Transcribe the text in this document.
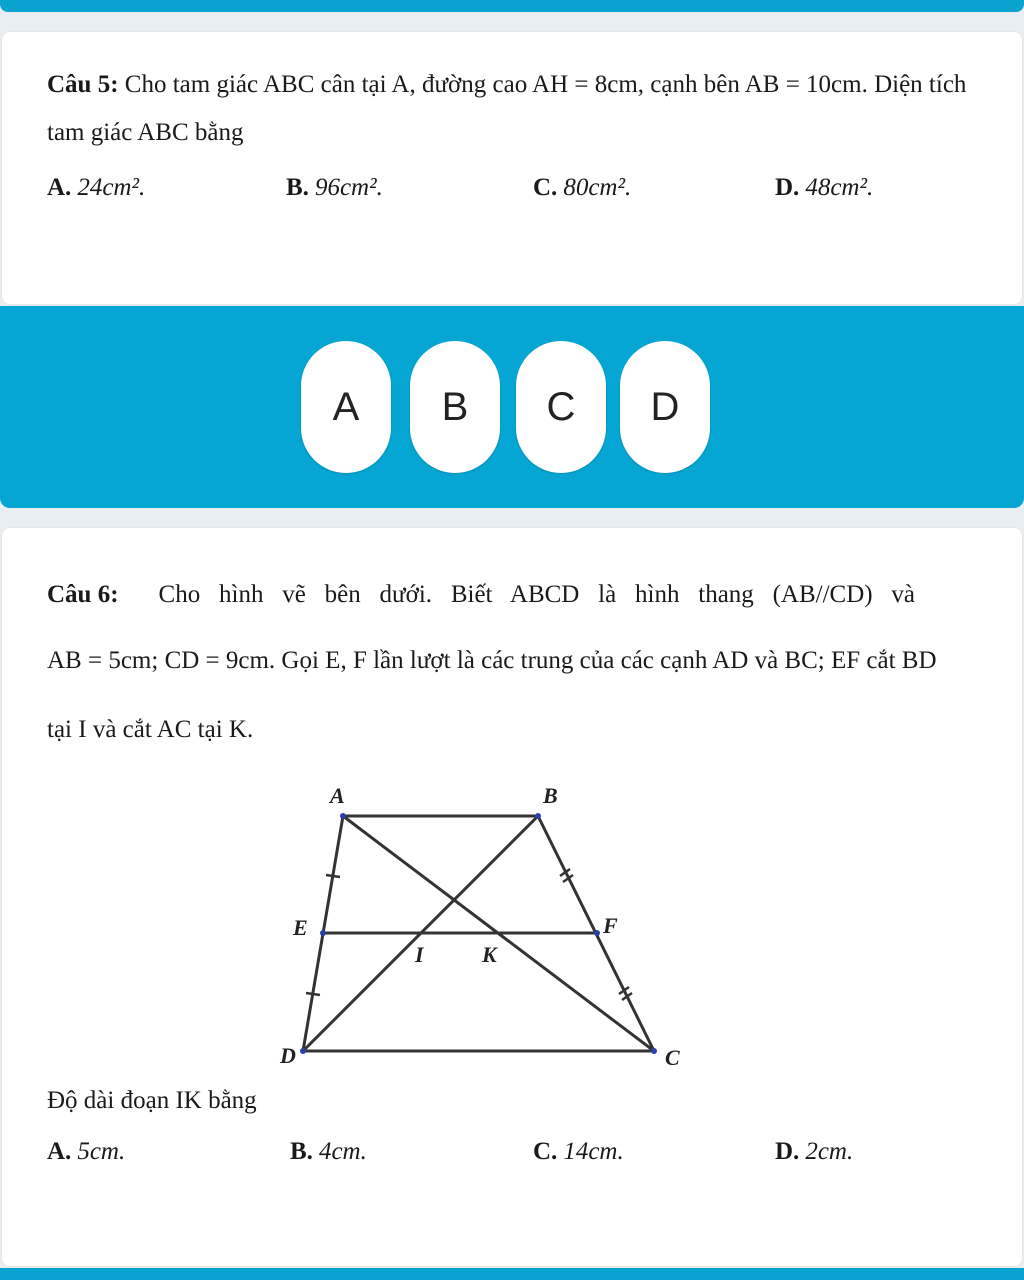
Câu 5: Cho tam giác ABC cân tại A, đường cao AH = 8cm, cạnh bên AB = 10cm. Diện tích
tam giác ABC bằng
A. 24cm².	B. 96cm².	C. 80cm².	D. 48cm².
A	B	C	D
Câu 6: Cho hình vẽ bên dưới. Biết ABCD là hình thang (AB//CD) và
AB = 5cm; CD = 9cm. Gọi E, F lần lượt là các trung của các cạnh AD và BC; EF cắt BD
tại I và cắt AC tại K.
A	B
D	C
E	F
I	K
Độ dài đoạn IK bằng
A. 5cm.	B. 4cm.	C. 14cm.	D. 2cm.
